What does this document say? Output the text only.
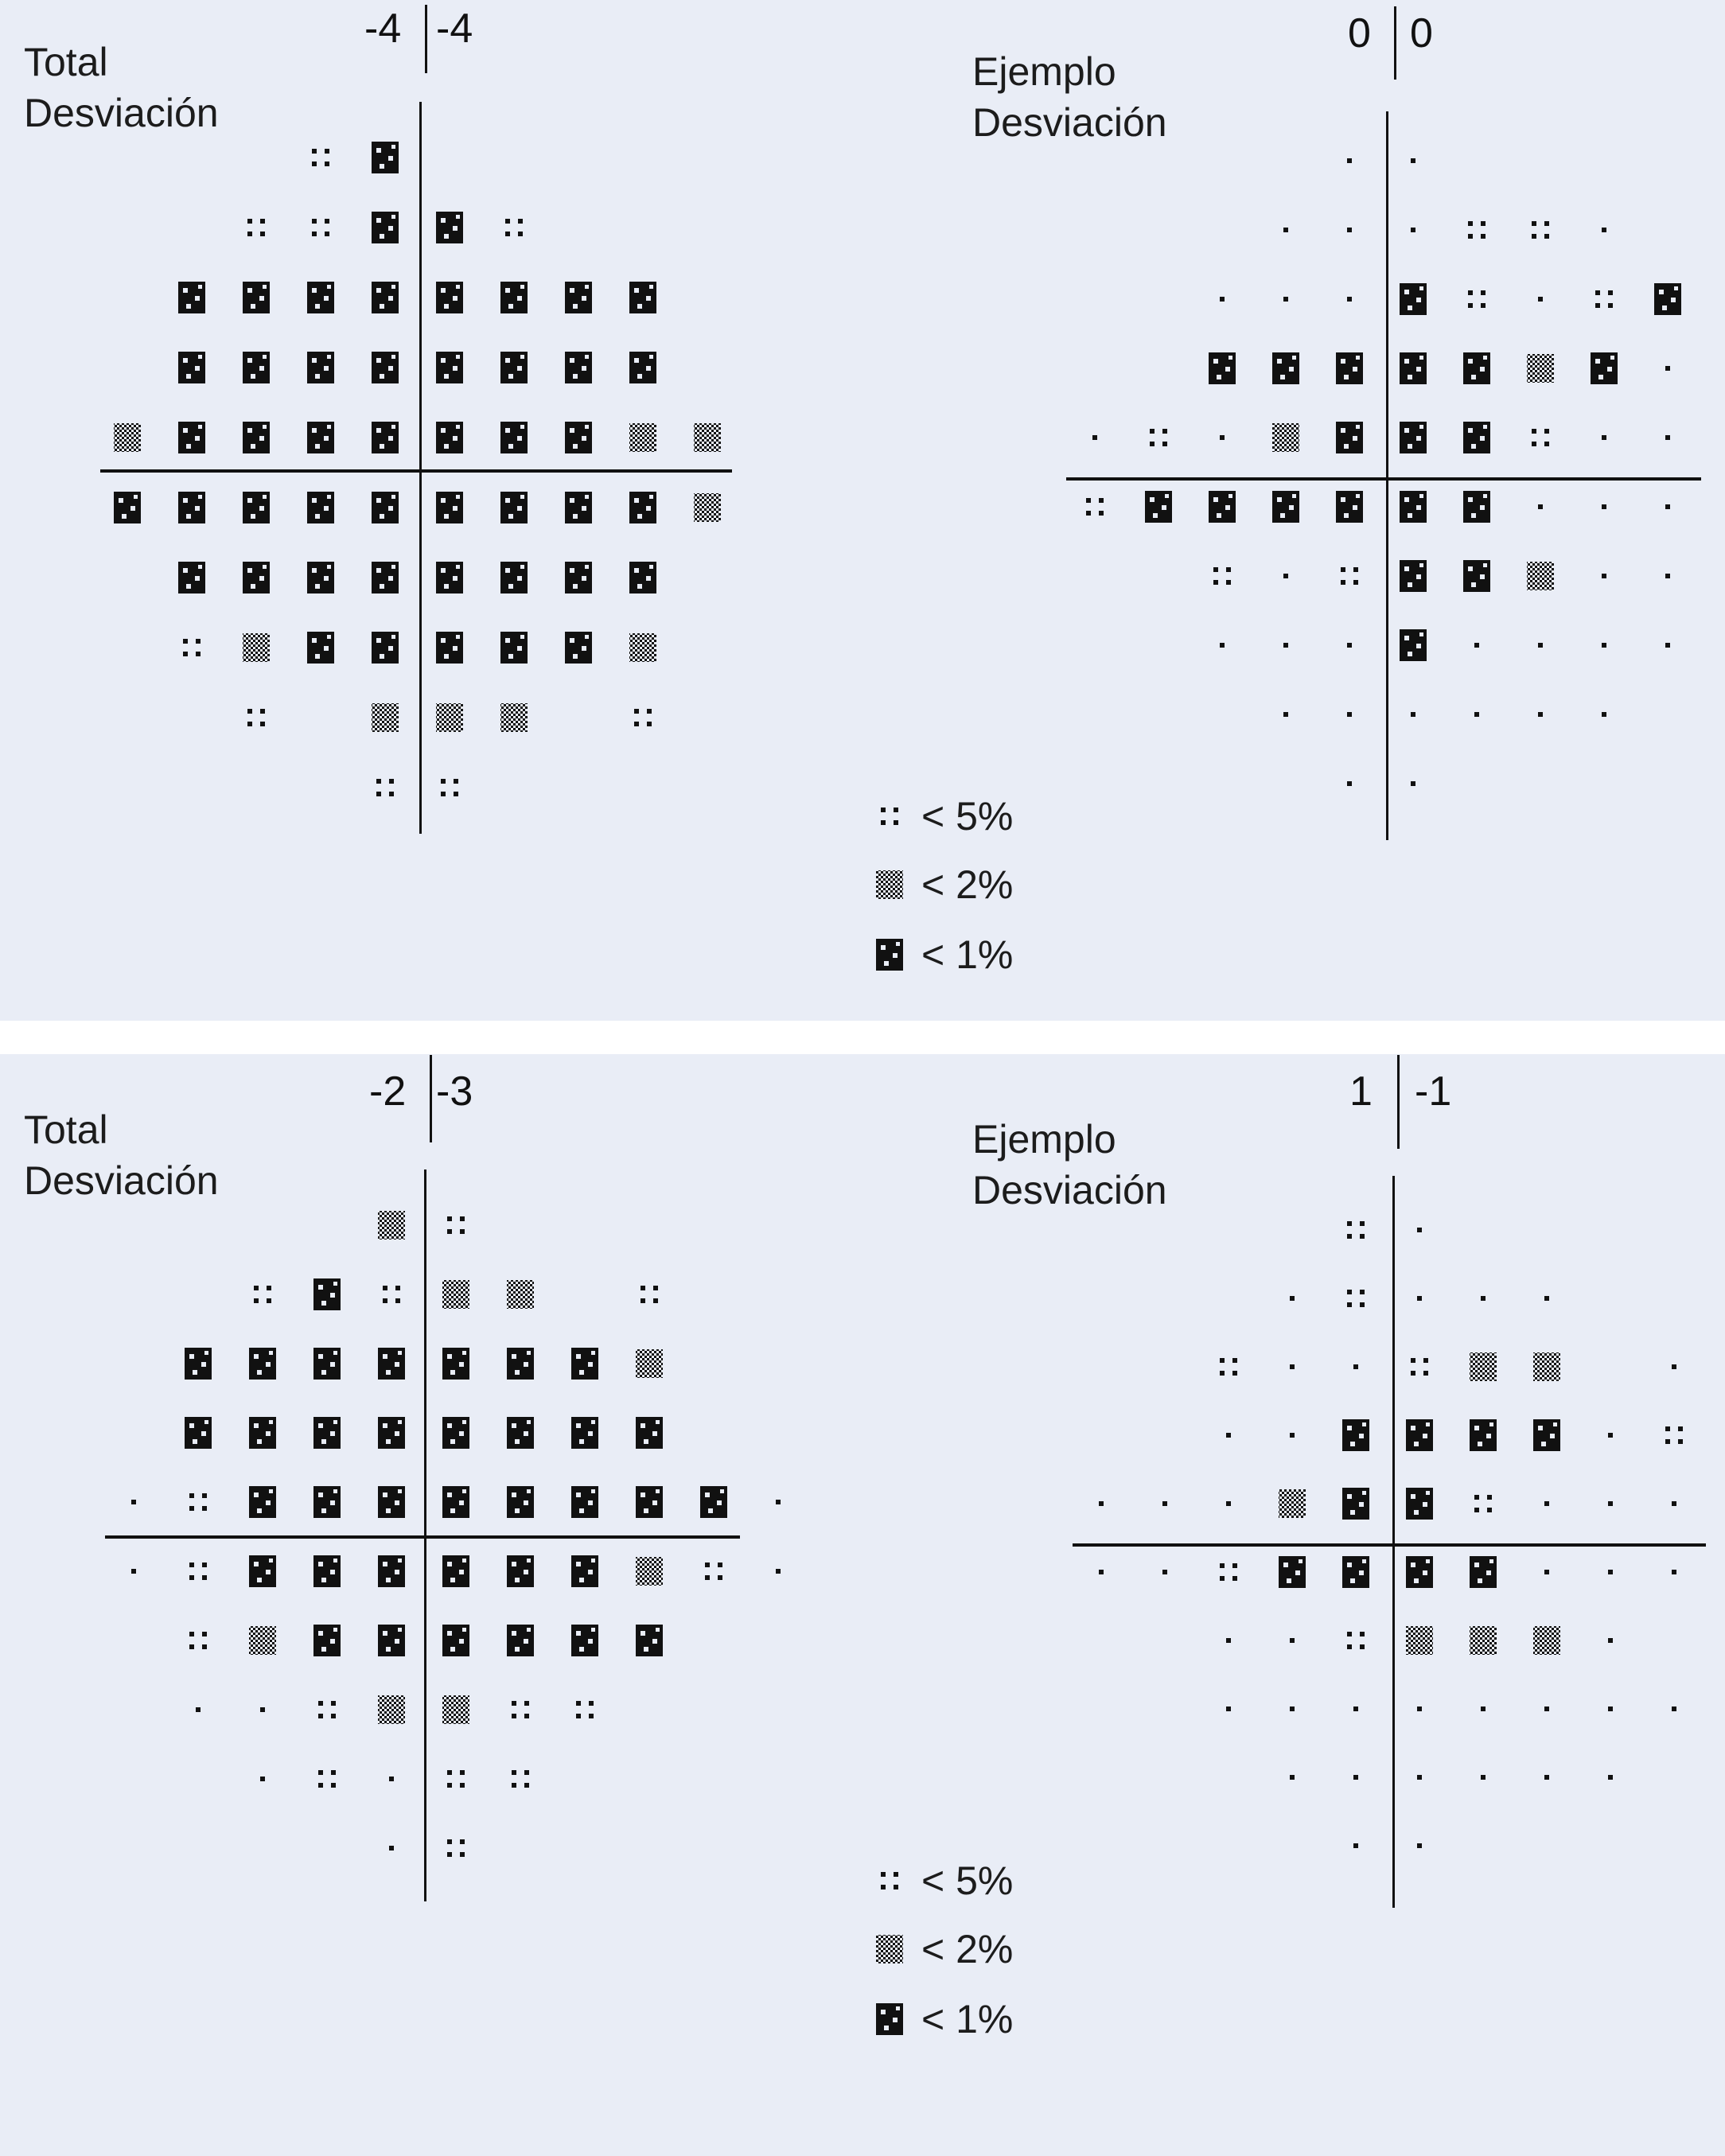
Total
Desviación
Ejemplo
Desviación
Total
Desviación
Ejemplo
Desviación
-4 -4	0 0
-2 -3	1 -1
< 5%
< 2%
< 1%
< 5%
< 2%
< 1%
